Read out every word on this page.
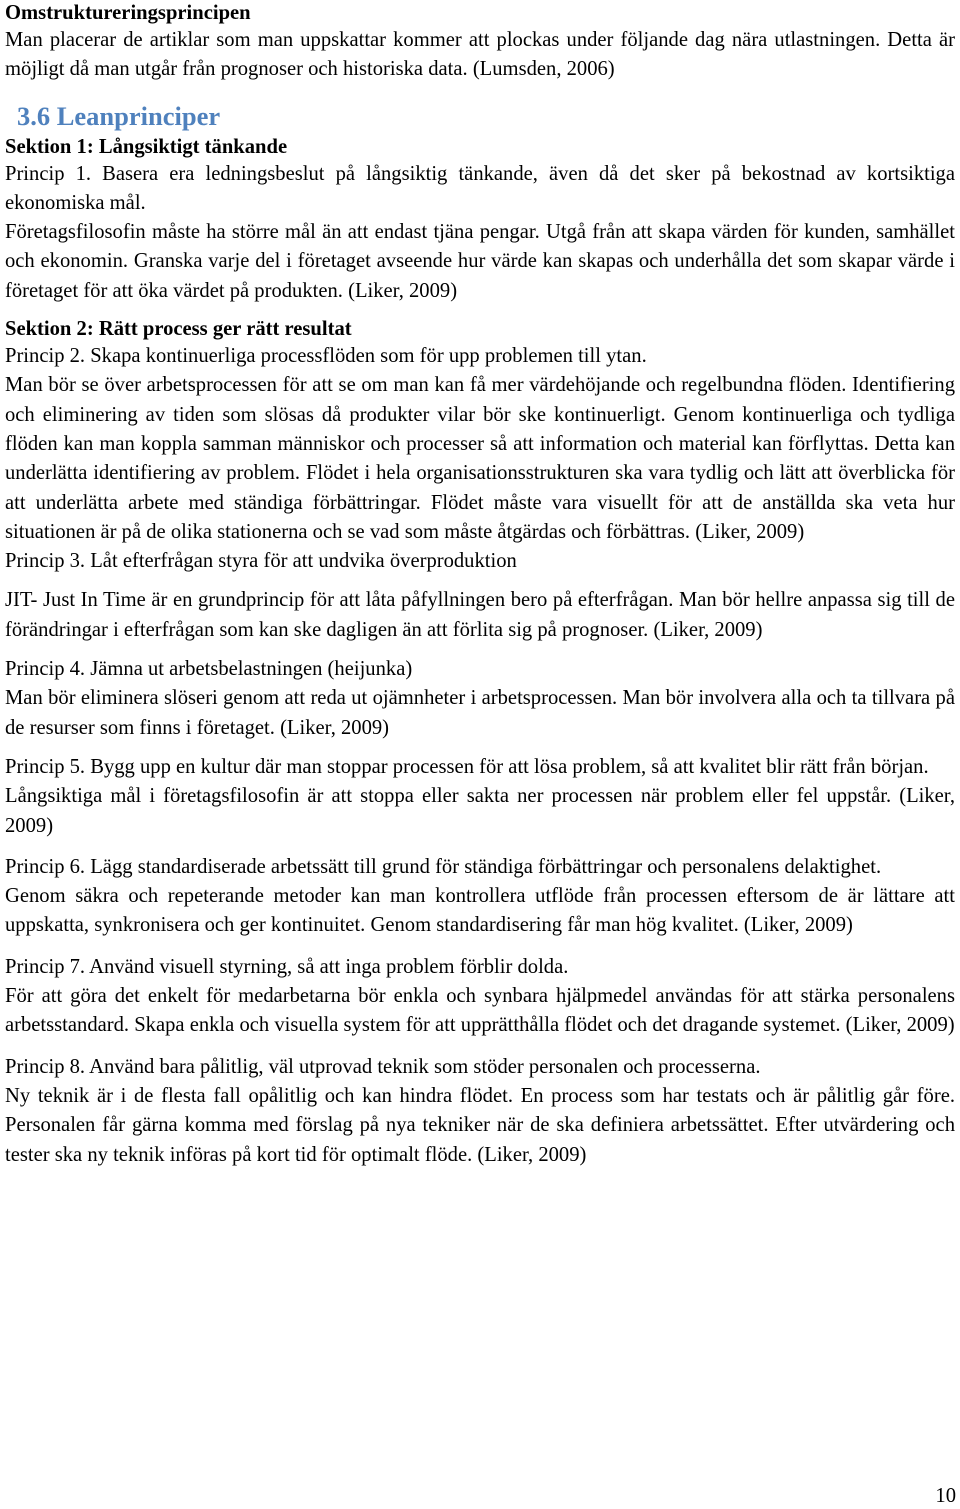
Omstruktureringsprincipen

Man placerar de artiklar som man uppskattar kommer att plockas under följande dag nära utlastningen. Detta är möjligt då man utgår från prognoser och historiska data. (Lumsden, 2006)

3.6 Leanprinciper

Sektion 1: Långsiktigt tänkande

Princip 1. Basera era ledningsbeslut på långsiktig tänkande, även då det sker på bekostnad av kortsiktiga ekonomiska mål.

Företagsfilosofin måste ha större mål än att endast tjäna pengar. Utgå från att skapa värden för kunden, samhället och ekonomin. Granska varje del i företaget avseende hur värde kan skapas och underhålla det som skapar värde i företaget för att öka värdet på produkten. (Liker, 2009)

Sektion 2: Rätt process ger rätt resultat

Princip 2. Skapa kontinuerliga processflöden som för upp problemen till ytan.

Man bör se över arbetsprocessen för att se om man kan få mer värdehöjande och regelbundna flöden. Identifiering och eliminering av tiden som slösas då produkter vilar bör ske kontinuerligt. Genom kontinuerliga och tydliga flöden kan man koppla samman människor och processer så att information och material kan förflyttas. Detta kan underlätta identifiering av problem. Flödet i hela organisationsstrukturen ska vara tydlig och lätt att överblicka för att underlätta arbete med ständiga förbättringar. Flödet måste vara visuellt för att de anställda ska veta hur situationen är på de olika stationerna och se vad som måste åtgärdas och förbättras. (Liker, 2009)

Princip 3. Låt efterfrågan styra för att undvika överproduktion

JIT- Just In Time är en grundprincip för att låta påfyllningen bero på efterfrågan. Man bör hellre anpassa sig till de förändringar i efterfrågan som kan ske dagligen än att förlita sig på prognoser. (Liker, 2009)

Princip 4. Jämna ut arbetsbelastningen (heijunka)

Man bör eliminera slöseri genom att reda ut ojämnheter i arbetsprocessen. Man bör involvera alla och ta tillvara på de resurser som finns i företaget. (Liker, 2009)

Princip 5. Bygg upp en kultur där man stoppar processen för att lösa problem, så att kvalitet blir rätt från början.

Långsiktiga mål i företagsfilosofin är att stoppa eller sakta ner processen när problem eller fel uppstår. (Liker, 2009)

Princip 6. Lägg standardiserade arbetssätt till grund för ständiga förbättringar och personalens delaktighet.

Genom säkra och repeterande metoder kan man kontrollera utflöde från processen eftersom de är lättare att uppskatta, synkronisera och ger kontinuitet. Genom standardisering får man hög kvalitet. (Liker, 2009)

Princip 7. Använd visuell styrning, så att inga problem förblir dolda.

För att göra det enkelt för medarbetarna bör enkla och synbara hjälpmedel användas för att stärka personalens arbetsstandard. Skapa enkla och visuella system för att upprätthålla flödet och det dragande systemet. (Liker, 2009)

Princip 8. Använd bara pålitlig, väl utprovad teknik som stöder personalen och processerna.

Ny teknik är i de flesta fall opålitlig och kan hindra flödet. En process som har testats och är pålitlig går före. Personalen får gärna komma med förslag på nya tekniker när de ska definiera arbetssättet. Efter utvärdering och tester ska ny teknik införas på kort tid för optimalt flöde. (Liker, 2009)

10
